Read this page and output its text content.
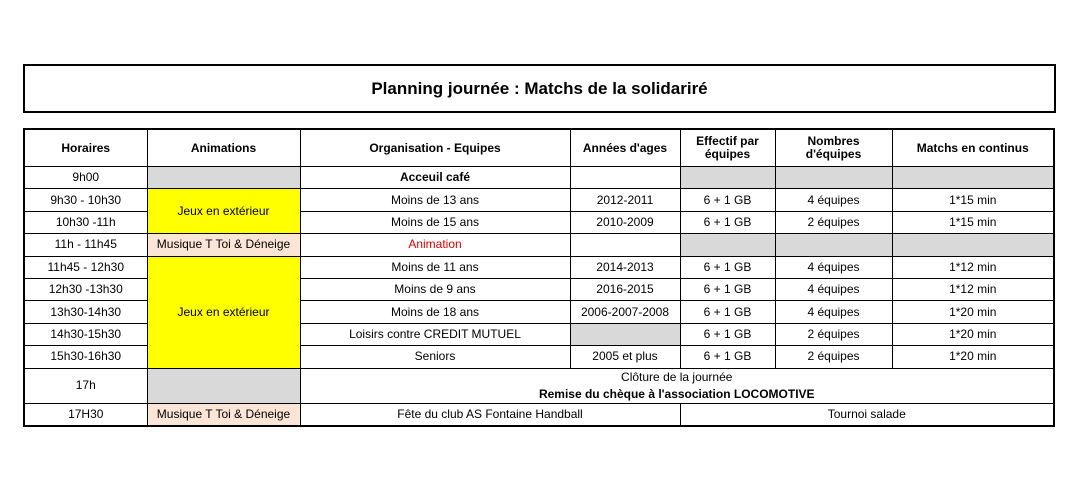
Planning journée : Matchs de la solidariré
Horaires	Animations	Organisation - Equipes	Années d'ages	Effectif par équipes	Nombres d'équipes	Matchs en continus
9h00		Acceuil café				
9h30 - 10h30	Jeux en extérieur	Moins de 13 ans	2012-2011	6 + 1 GB	4 équipes	1*15 min
10h30 -11h		Moins de 15 ans	2010-2009	6 + 1 GB	2 équipes	1*15 min
11h - 11h45	Musique T Toi & Déneige	Animation				
11h45 - 12h30	Jeux en extérieur	Moins de 11 ans	2014-2013	6 + 1 GB	4 équipes	1*12 min
12h30 -13h30		Moins de 9 ans	2016-2015	6 + 1 GB	4 équipes	1*12 min
13h30-14h30		Moins de 18 ans	2006-2007-2008	6 + 1 GB	4 équipes	1*20 min
14h30-15h30		Loisirs contre CREDIT MUTUEL		6 + 1 GB	2 équipes	1*20 min
15h30-16h30		Seniors	2005 et plus	6 + 1 GB	2 équipes	1*20 min
17h		Clôture de la journée
Remise du chèque à l'association LOCOMOTIVE				

17H30	Musique T Toi & Déneige	Fête du club AS Fontaine Handball		Tournoi salade		
